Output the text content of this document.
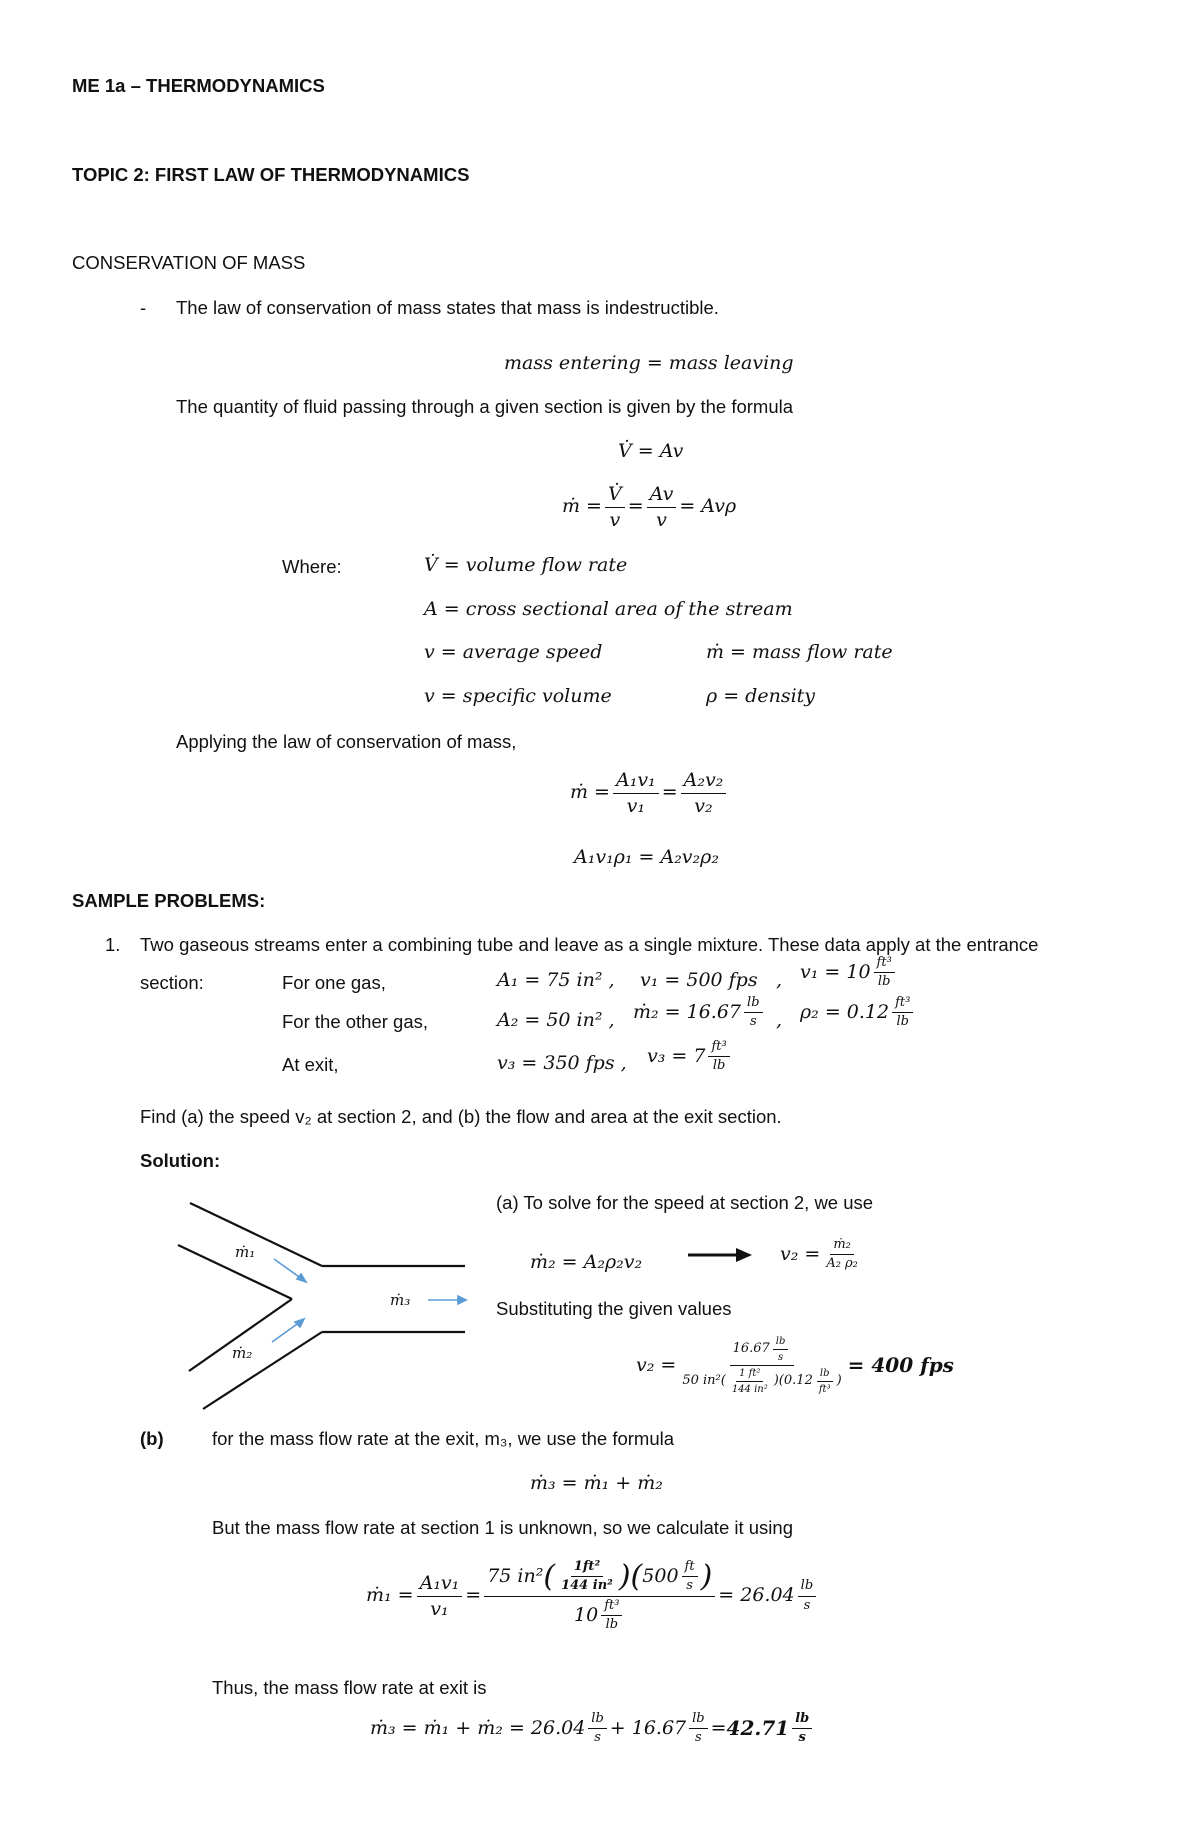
ME 1a – THERMODYNAMICS
TOPIC 2: FIRST LAW OF THERMODYNAMICS
CONSERVATION OF MASS
- The law of conservation of mass states that mass is indestructible.
mass entering = mass leaving
The quantity of fluid passing through a given section is given by the formula
V̇ = Av
ṁ = $\frac{V̇}{v} = \frac{Av}{v} = Av\rho$
Where:	V̇ = volume flow rate
A = cross sectional area of the stream
v = average speed	ṁ = mass flow rate
v = specific volume	ρ = density
Applying the law of conservation of mass,
ṁ = $\frac{\text{A₁v₁}}{\text{v₁}} = \frac{\text{A₂v₂}}{\text{v₂}}$
A₁v₁ρ₁ = A₂v₂ρ₂
SAMPLE PROBLEMS:
1. Two gaseous streams enter a combining tube and leave as a single mixture. These data apply at the entrance
section:	For one gas,	A₁ = 75 in² , v₁ = 500 fps , $v_1 = 10 \frac{\text{ft³}}{lb}$
For the other gas,	A₂ = 50 in² , ṁ₂ = $16.67 \frac{lb}{s}$ , $\rho_2 = 0.12 \frac{\text{ft³}}{lb}$
At exit,	v₃ = 350 fps , $v_3 = 7 \frac{\text{ft³}}{lb}$
Find (a) the speed v₂ at section 2, and (b) the flow and area at the exit section.
Solution:
ṁ₁
ṁ₂
ṁ₃
(a) To solve for the speed at section 2, we use
ṁ₂ = A₂ρ₂v₂	$v_2 = \frac{\text{ṁ₂}}{\text{A₂ ρ₂}}$
Substituting the given values
$v_2 = \frac{16.67 \frac{lb}{s}}{50 in^2 ( \frac{\text{1 ft²}}{\text{144 in²}} )( 0.12 \frac{lb}{\text{ft³}} )} = 400$ fps
(b)	for the mass flow rate at the exit, m₃, we use the formula
ṁ₃ = ṁ₁ + ṁ₂
But the mass flow rate at section 1 is unknown, so we calculate it using
ṁ₁ = $\frac{\text{A₁v₁}}{\text{v₁}} = \frac{75 in^2 ( \frac{\text{1ft²}}{\text{144 in²}} )( 500 \frac{ft}{s} )}{10 \frac{\text{ft³}}{lb}} = 26.04 \frac{lb}{s}$
Thus, the mass flow rate at exit is
ṁ₃ = ṁ₁ + ṁ₂ = $26.04 \frac{lb}{s} + 16.67 \frac{lb}{s} = 42.71 \frac{lb}{s}$
